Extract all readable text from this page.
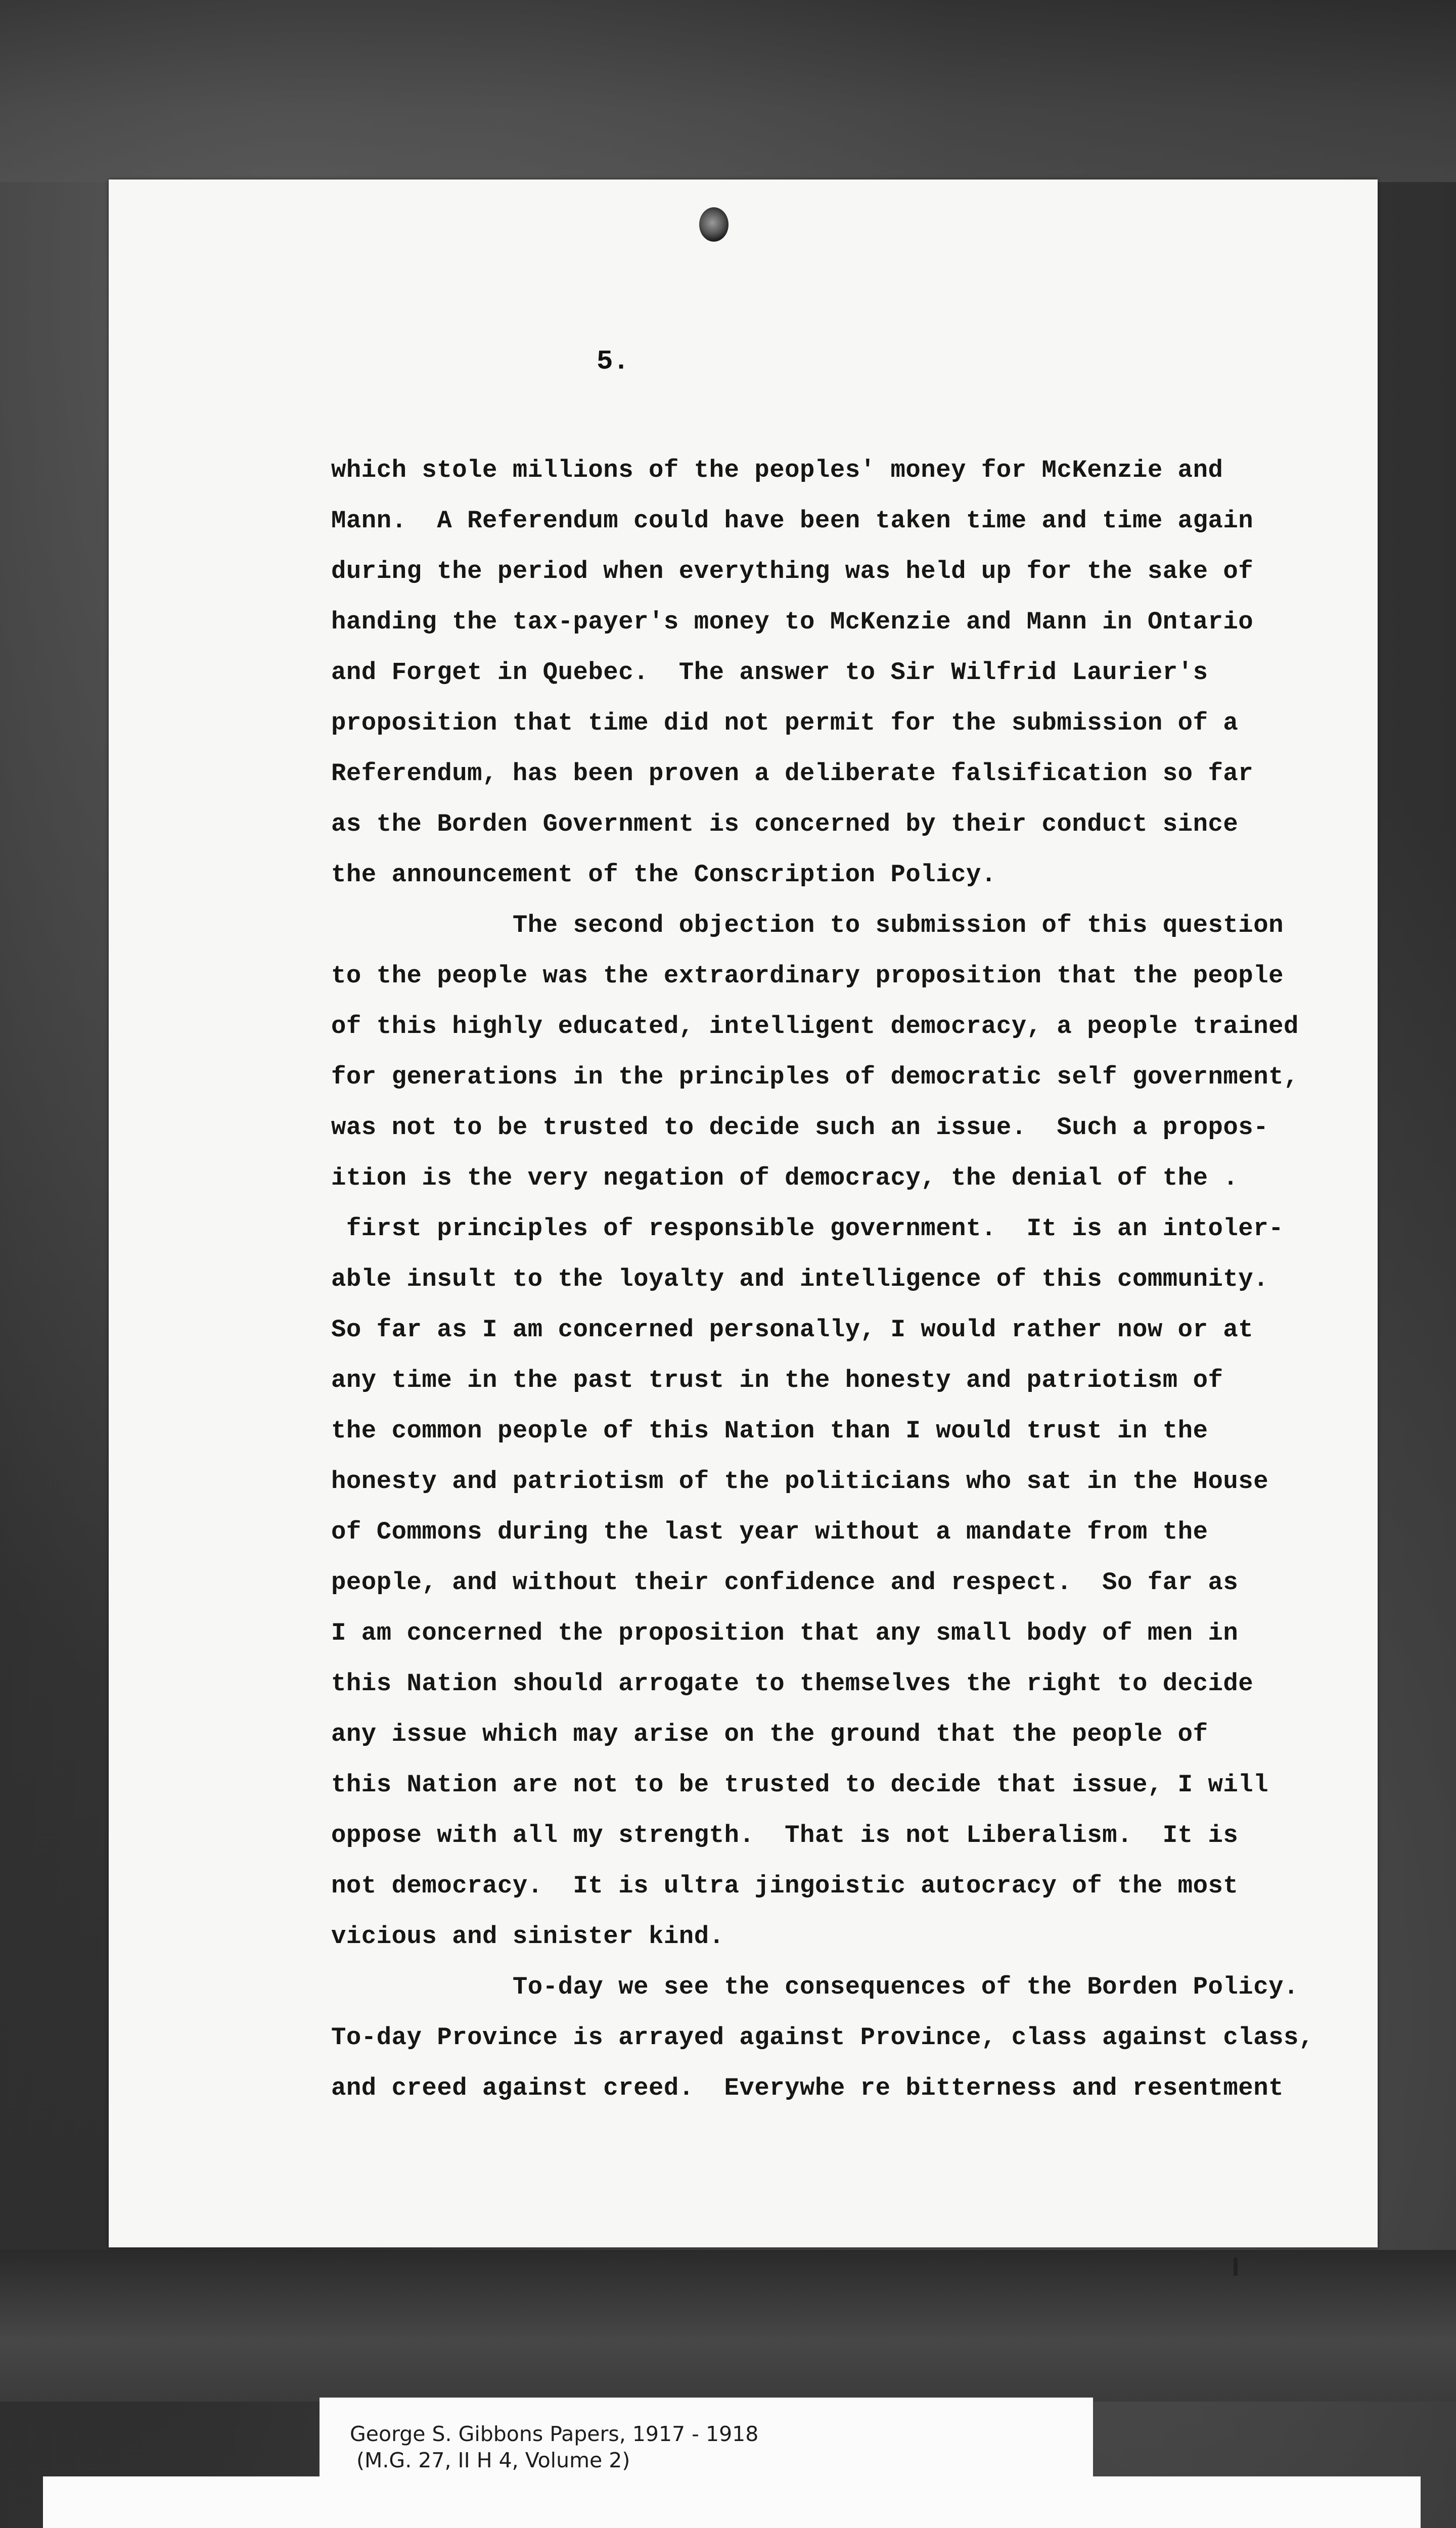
5.
which stole millions of the peoples' money for McKenzie and
Mann.  A Referendum could have been taken time and time again
during the period when everything was held up for the sake of
handing the tax-payer's money to McKenzie and Mann in Ontario
and Forget in Quebec.  The answer to Sir Wilfrid Laurier's
proposition that time did not permit for the submission of a
Referendum, has been proven a deliberate falsification so far
as the Borden Government is concerned by their conduct since
the announcement of the Conscription Policy.
The second objection to submission of this question
to the people was the extraordinary proposition that the people
of this highly educated, intelligent democracy, a people trained
for generations in the principles of democratic self government,
was not to be trusted to decide such an issue.  Such a propos-
ition is the very negation of democracy, the denial of the .
first principles of responsible government.  It is an intoler-
able insult to the loyalty and intelligence of this community.
So far as I am concerned personally, I would rather now or at
any time in the past trust in the honesty and patriotism of
the common people of this Nation than I would trust in the
honesty and patriotism of the politicians who sat in the House
of Commons during the last year without a mandate from the
people, and without their confidence and respect.  So far as
I am concerned the proposition that any small body of men in
this Nation should arrogate to themselves the right to decide
any issue which may arise on the ground that the people of
this Nation are not to be trusted to decide that issue, I will
oppose with all my strength.  That is not Liberalism.  It is
not democracy.  It is ultra jingoistic autocracy of the most
vicious and sinister kind.
To-day we see the consequences of the Borden Policy.
To-day Province is arrayed against Province, class against class,
and creed against creed.  Everywhe re bitterness and resentment
George S. Gibbons Papers, 1917 - 1918
(M.G. 27, II H 4, Volume 2)
